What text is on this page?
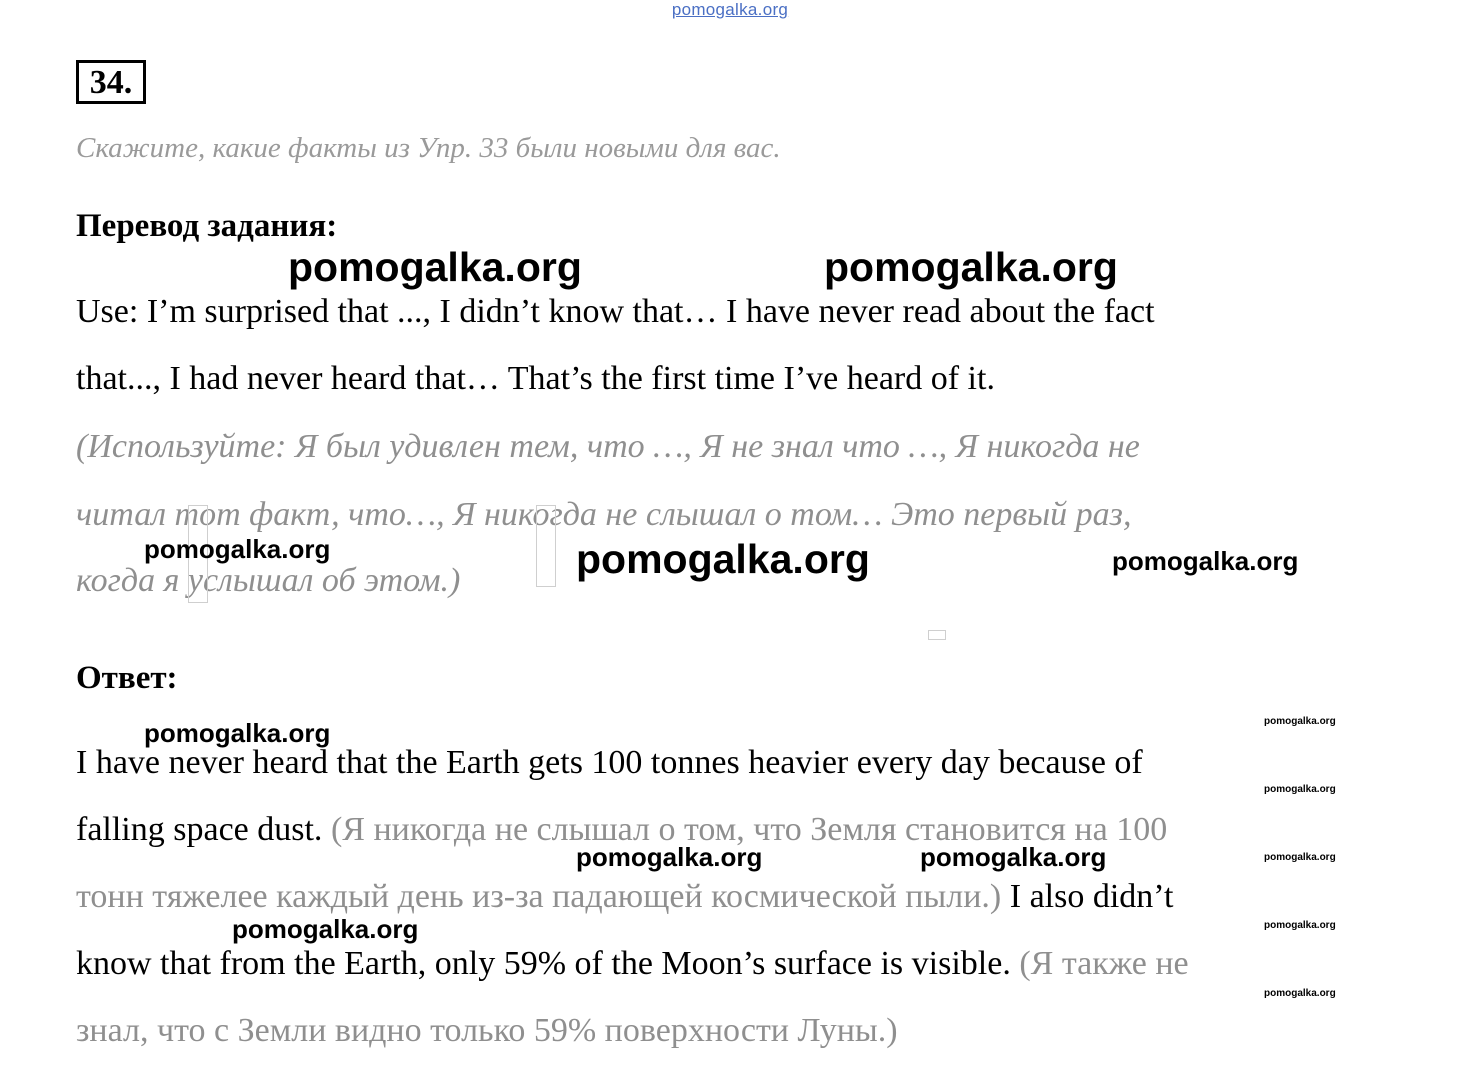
pomogalka.org
34.
Скажите, какие факты из Упр. 33 были новыми для вас.
Перевод задания:
pomogalka.org	pomogalka.org
Use: I’m surprised that ..., I didn’t know that… I have never read about the fact
that..., I had never heard that… That’s the first time I’ve heard of it.
(Используйте: Я был удивлен тем, что …, Я не знал что …, Я никогда не
читал тот факт, что…, Я никогда не слышал о том… Это первый раз,
когда я услышал об этом.)
pomogalka.org	pomogalka.org	pomogalka.org
Ответ:
pomogalka.org	pomogalka.org
pomogalka.org
pomogalka.org
pomogalka.org
pomogalka.org
I have never heard that the Earth gets 100 tonnes heavier every day because of
falling space dust. (Я никогда не слышал о том, что Земля становится на 100
pomogalka.org	pomogalka.org
тонн тяжелее каждый день из-за падающей космической пыли.) I also didn’t
pomogalka.org
know that from the Earth, only 59% of the Moon’s surface is visible. (Я также не
знал, что с Земли видно только 59% поверхности Луны.)
